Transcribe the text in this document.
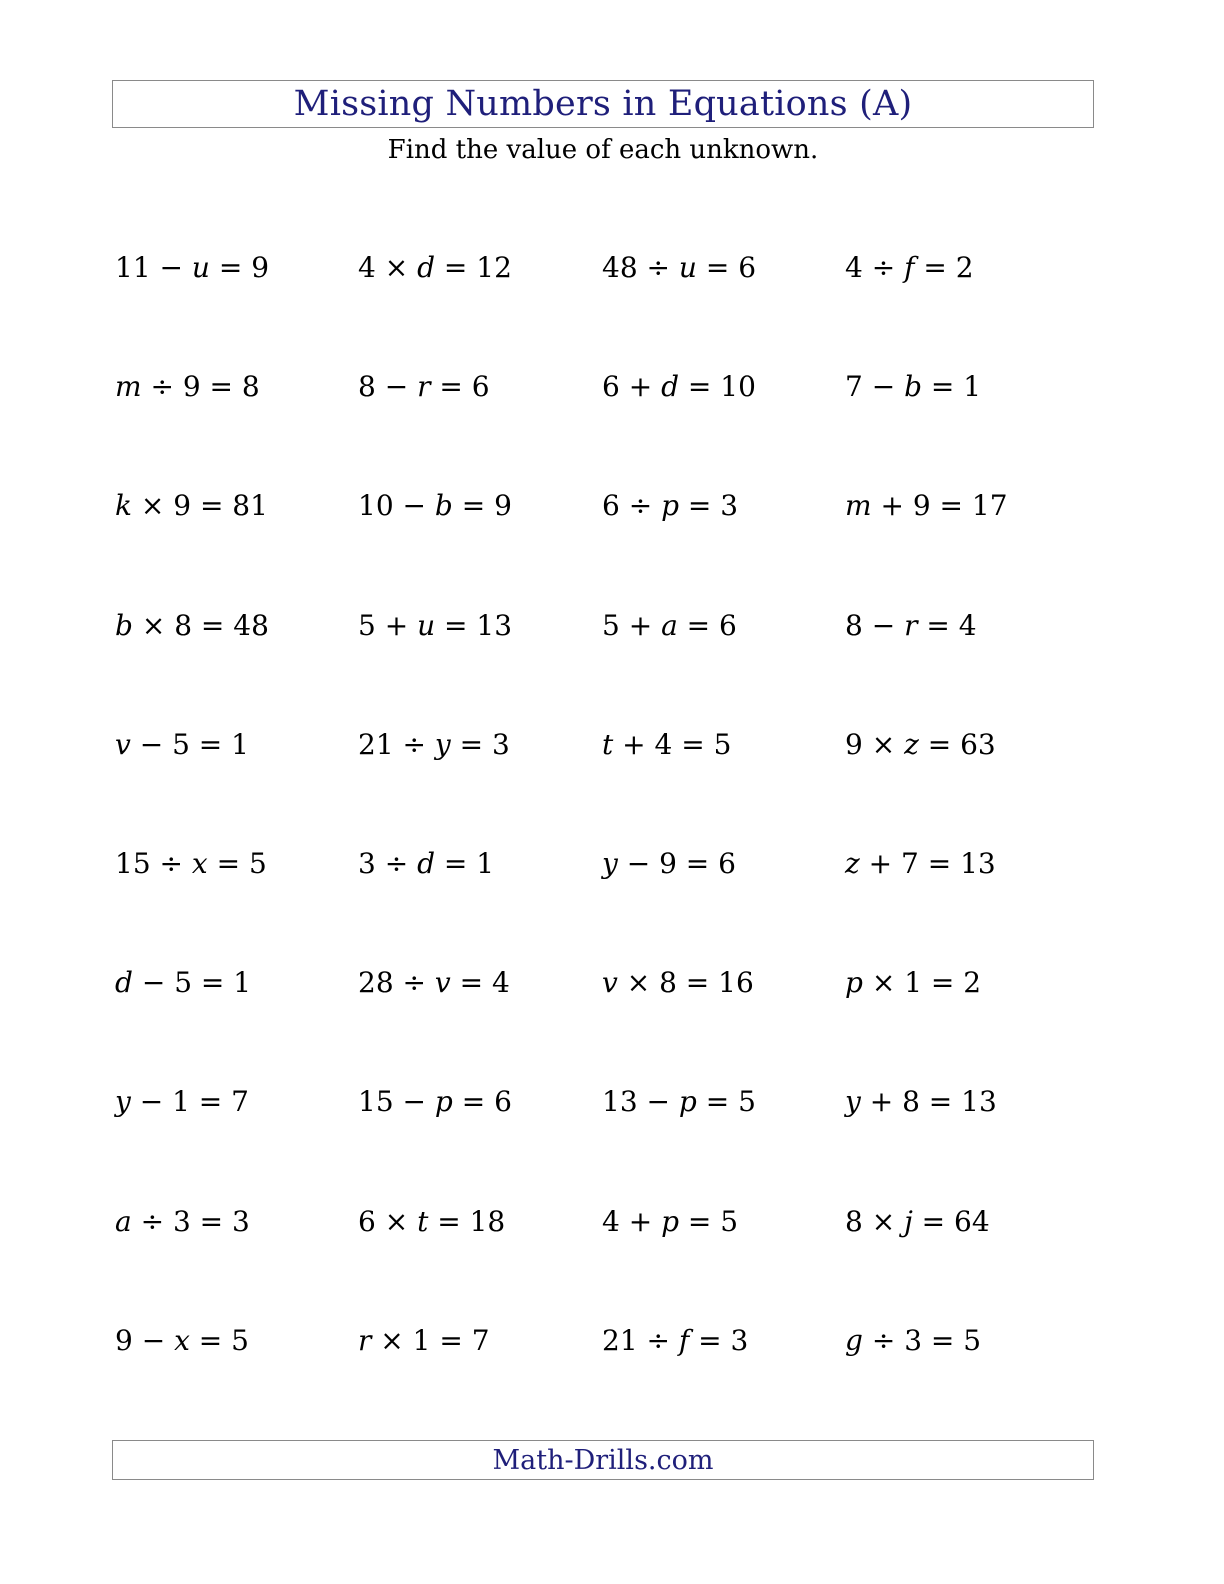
Missing Numbers in Equations (A)
Find the value of each unknown.
11 − u = 9	4 × d = 12	48 ÷ u = 6	4 ÷ f = 2
m ÷ 9 = 8	8 − r = 6	6 + d = 10	7 − b = 1
k × 9 = 81	10 − b = 9	6 ÷ p = 3	m + 9 = 17
b × 8 = 48	5 + u = 13	5 + a = 6	8 − r = 4
v − 5 = 1	21 ÷ y = 3	t + 4 = 5	9 × z = 63
15 ÷ x = 5	3 ÷ d = 1	y − 9 = 6	z + 7 = 13
d − 5 = 1	28 ÷ v = 4	v × 8 = 16	p × 1 = 2
y − 1 = 7	15 − p = 6	13 − p = 5	y + 8 = 13
a ÷ 3 = 3	6 × t = 18	4 + p = 5	8 × j = 64
9 − x = 5	r × 1 = 7	21 ÷ f = 3	g ÷ 3 = 5
Math-Drills.com
